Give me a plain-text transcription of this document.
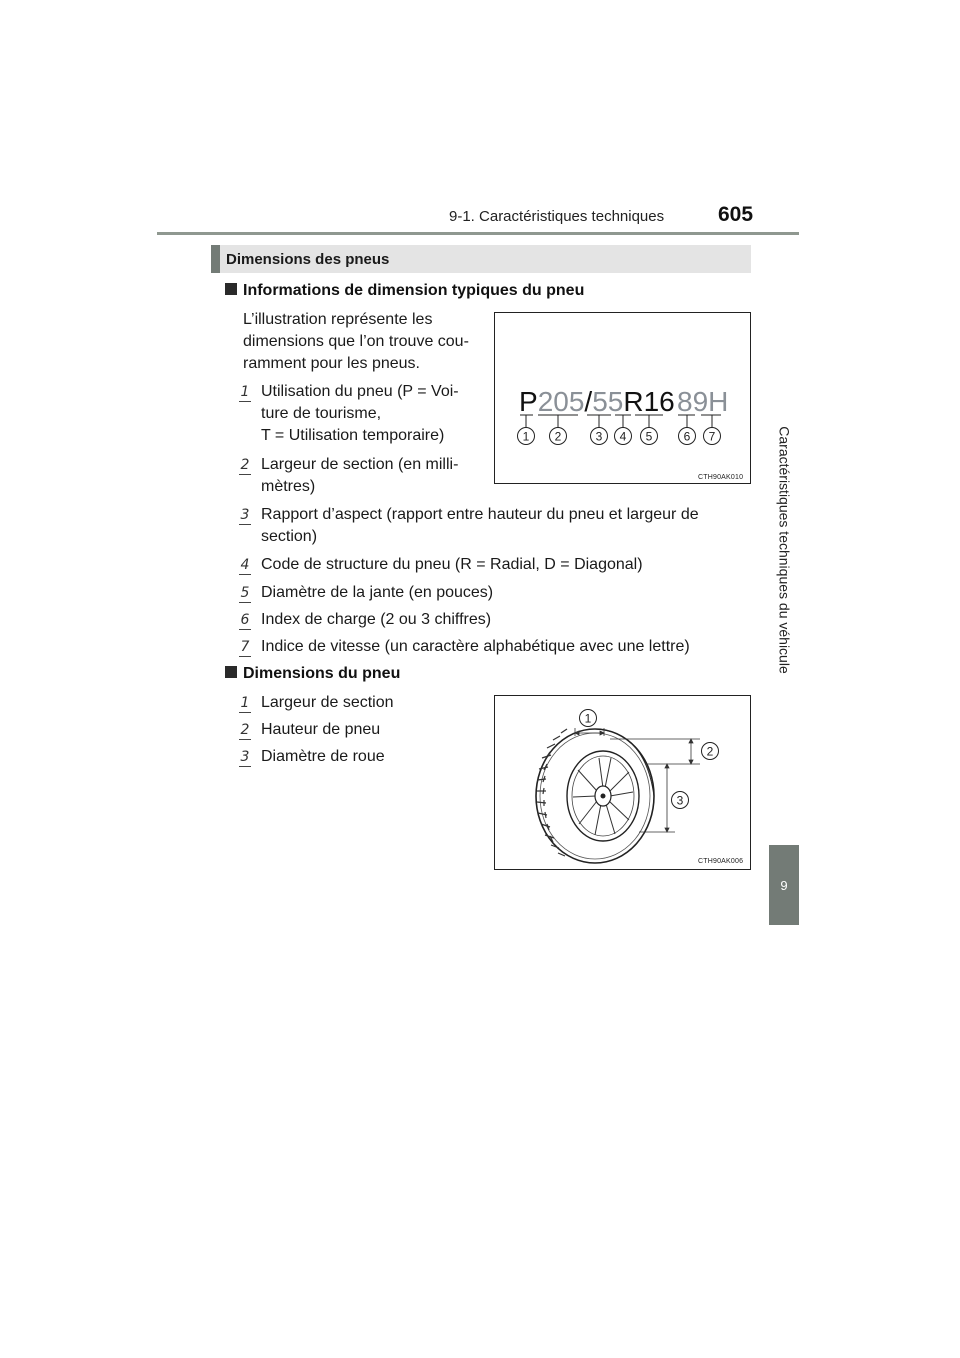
9-1. Caractéristiques techniques	605
Caractéristiques techniques du véhicule
9
Dimensions des pneus
Informations de dimension typiques du pneu
L’illustration représente les
dimensions que l’on trouve cou-
ramment pour les pneus.
1 Utilisation du pneu (P = Voi-
ture de tourisme,
T = Utilisation temporaire)
2 Largeur de section (en milli-
mètres)
3 Rapport d’aspect (rapport entre hauteur du pneu et largeur de
section)
4 Code de structure du pneu (R = Radial, D = Diagonal)
5 Diamètre de la jante (en pouces)
6 Index de charge (2 ou 3 chiffres)
7 Indice de vitesse (un caractère alphabétique avec une lettre)
P205/55R1689H
1 2	3 4 5	6 7
CTH90AK010
Dimensions du pneu
1 Largeur de section
2 Hauteur de pneu
3 Diamètre de roue
1
2
3
CTH90AK006
